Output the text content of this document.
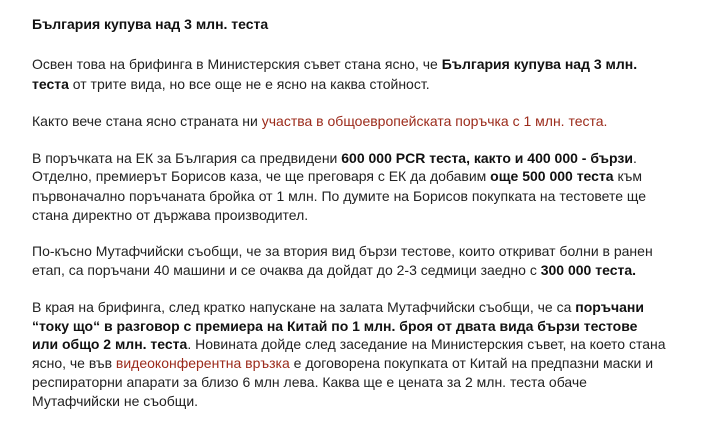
България купува над 3 млн. теста
Освен това на брифинга в Министерския съвет стана ясно, че България купува над 3 млн.
теста от трите вида, но все още не е ясно на каква стойност.
Както вече стана ясно страната ни участва в общоевропейската поръчка с 1 млн. теста.
В поръчката на ЕК за България са предвидени 600 000 PCR теста, както и 400 000 - бързи.
Отделно, премиерът Борисов каза, че ще преговаря с ЕК да добавим още 500 000 теста към
първоначално поръчаната бройка от 1 млн. По думите на Борисов покупката на тестовете ще
стана директно от държава производител.
По-късно Мутафчийски съобщи, че за втория вид бързи тестове, които откриват болни в ранен
етап, са поръчани 40 машини и се очаква да дойдат до 2-3 седмици заедно с 300 000 теста.
В края на брифинга, след кратко напускане на залата Мутафчийски съобщи, че са поръчани
“току що“ в разговор с премиера на Китай по 1 млн. броя от двата вида бързи тестове
или общо 2 млн. теста. Новината дойде след заседание на Министерския съвет, на което стана
ясно, че във видеоконферентна връзка е договорена покупката от Китай на предпазни маски и
респираторни апарати за близо 6 млн лева. Каква ще е цената за 2 млн. теста обаче
Мутафчийски не съобщи.
